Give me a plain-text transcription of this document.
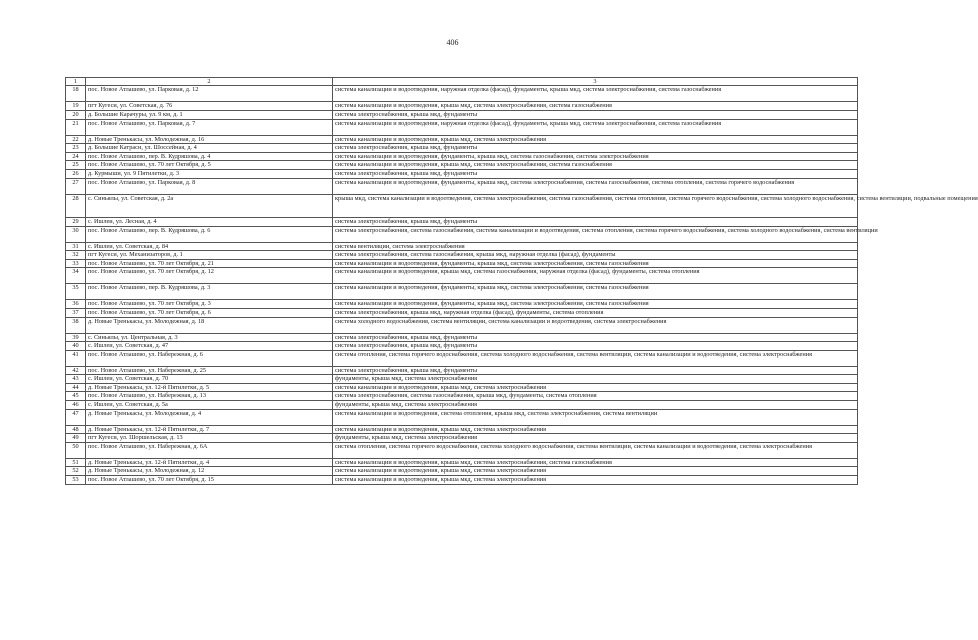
406
1	2	3
18	пос. Новое Атлашево, ул. Парковая, д. 12	система канализации и водоотведения, наружная отделка (фасад), фундаменты, крыша мкд, система электроснабжения, система газоснабжения
19	пгт Кугеси, ул. Советская, д. 76	система канализации и водоотведения, крыша мкд, система электроснабжения, система газоснабжения
20	д. Большие Карачуры, ул. 9 км, д. 1	система электроснабжения, крыша мкд, фундаменты
21	пос. Новое Атлашево, ул. Парковая, д. 7	система канализации и водоотведения, наружная отделка (фасад), фундаменты, крыша мкд, система электроснабжения, система газоснабжения
22	д. Новые Тренькасы, ул. Молодежная, д. 16	система канализации и водоотведения, крыша мкд, система электроснабжения
23	д. Большие Катраси, ул. Шоссейная, д. 4	система электроснабжения, крыша мкд, фундаменты
24	пос. Новое Атлашево, пер. В. Кудряшова, д. 4	система канализации и водоотведения, фундаменты, крыша мкд, система газоснабжения, система электроснабжения
25	пос. Новое Атлашево, ул. 70 лет Октября, д. 5	система канализации и водоотведения, крыша мкд, система электроснабжения, система газоснабжения
26	д. Курмыши, ул. 9 Пятилетки, д. 3	система электроснабжения, крыша мкд, фундаменты
27	пос. Новое Атлашево, ул. Парковая, д. 8	система канализации и водоотведения, фундаменты, крыша мкд, система электроснабжения, система газоснабжения, система отопления, система горячего водоснабжения
28	с. Синьялы, ул. Советская, д. 2а	крыша мкд, система канализации и водоотведения, система электроснабжения, система газоснабжения, система отопления, система горячего водоснабжения, система холодного водоснабжения, система вентиляции, подвальные помещения
29	с. Ишлеи, ул. Лесная, д. 4	система электроснабжения, крыша мкд, фундаменты
30	пос. Новое Атлашево, пер. В. Кудряшова, д. 6	система электроснабжения, система газоснабжения, система канализации и водоотведения, система отопления, система горячего водоснабжения, система холодного водоснабжения, система вентиляции
31	с. Ишлеи, ул. Советская, д. 84	система вентиляции, система электроснабжения
32	пгт Кугеси, ул. Механизаторов, д. 1	система электроснабжения, система газоснабжения, крыша мкд, наружная отделка (фасад), фундаменты
33	пос. Новое Атлашево, ул. 70 лет Октября, д. 21	система канализации и водоотведения, фундаменты, крыша мкд, система электроснабжения, система газоснабжения
34	пос. Новое Атлашево, ул. 70 лет Октября, д. 12	система канализации и водоотведения, крыша мкд, система газоснабжения, наружная отделка (фасад), фундаменты, система отопления
35	пос. Новое Атлашево, пер. В. Кудряшова, д. 3	система канализации и водоотведения, фундаменты, крыша мкд, система электроснабжения, система газоснабжения
36	пос. Новое Атлашево, ул. 70 лет Октября, д. 3	система канализации и водоотведения, фундаменты, крыша мкд, система электроснабжения, система газоснабжения
37	пос. Новое Атлашево, ул. 70 лет Октября, д. 6	система электроснабжения, крыша мкд, наружная отделка (фасад), фундаменты, система отопления
38	д. Новые Тренькасы, ул. Молодежная, д. 18	система холодного водоснабжения, система вентиляции, система канализации и водоотведения, система электроснабжения
39	с. Синьялы, ул. Центральная, д. 3	система электроснабжения, крыша мкд, фундаменты
40	с. Ишлеи, ул. Советская, д. 47	система электроснабжения, крыша мкд, фундаменты
41	пос. Новое Атлашево, ул. Набережная, д. 6	система отопления, система горячего водоснабжения, система холодного водоснабжения, система вентиляции, система канализации и водоотведения, система электроснабжения
42	пос. Новое Атлашево, ул. Набережная, д. 25	система электроснабжения, крыша мкд, фундаменты
43	с. Ишлеи, ул. Советская, д. 70	фундаменты, крыша мкд, система электроснабжения
44	д. Новые Тренькасы, ул. 12-й Пятилетки, д. 5	система канализации и водоотведения, крыша мкд, система электроснабжения
45	пос. Новое Атлашево, ул. Набережная, д. 13	система электроснабжения, система газоснабжения, крыша мкд, фундаменты, система отопления
46	с. Ишлеи, ул. Советская, д. 5а	фундаменты, крыша мкд, система электроснабжения
47	д. Новые Тренькасы, ул. Молодежная, д. 4	система канализации и водоотведения, система отопления, крыша мкд, система электроснабжения, система вентиляции
48	д. Новые Тренькасы, ул. 12-й Пятилетки, д. 7	система канализации и водоотведения, крыша мкд, система электроснабжения
49	пгт Кугеси, ул. Шоршельская, д. 13	фундаменты, крыша мкд, система электроснабжения
50	пос. Новое Атлашево, ул. Набережная, д. 6А	система отопления, система горячего водоснабжения, система холодного водоснабжения, система вентиляции, система канализации и водоотведения, система электроснабжения
51	д. Новые Тренькасы, ул. 12-й Пятилетки, д. 4	система канализации и водоотведения, крыша мкд, система электроснабжения, система газоснабжения
52	д. Новые Тренькасы, ул. Молодежная, д. 12	система канализации и водоотведения, крыша мкд, система электроснабжения
53	пос. Новое Атлашево, ул. 70 лет Октября, д. 15	система канализации и водоотведения, крыша мкд, система электроснабжения
